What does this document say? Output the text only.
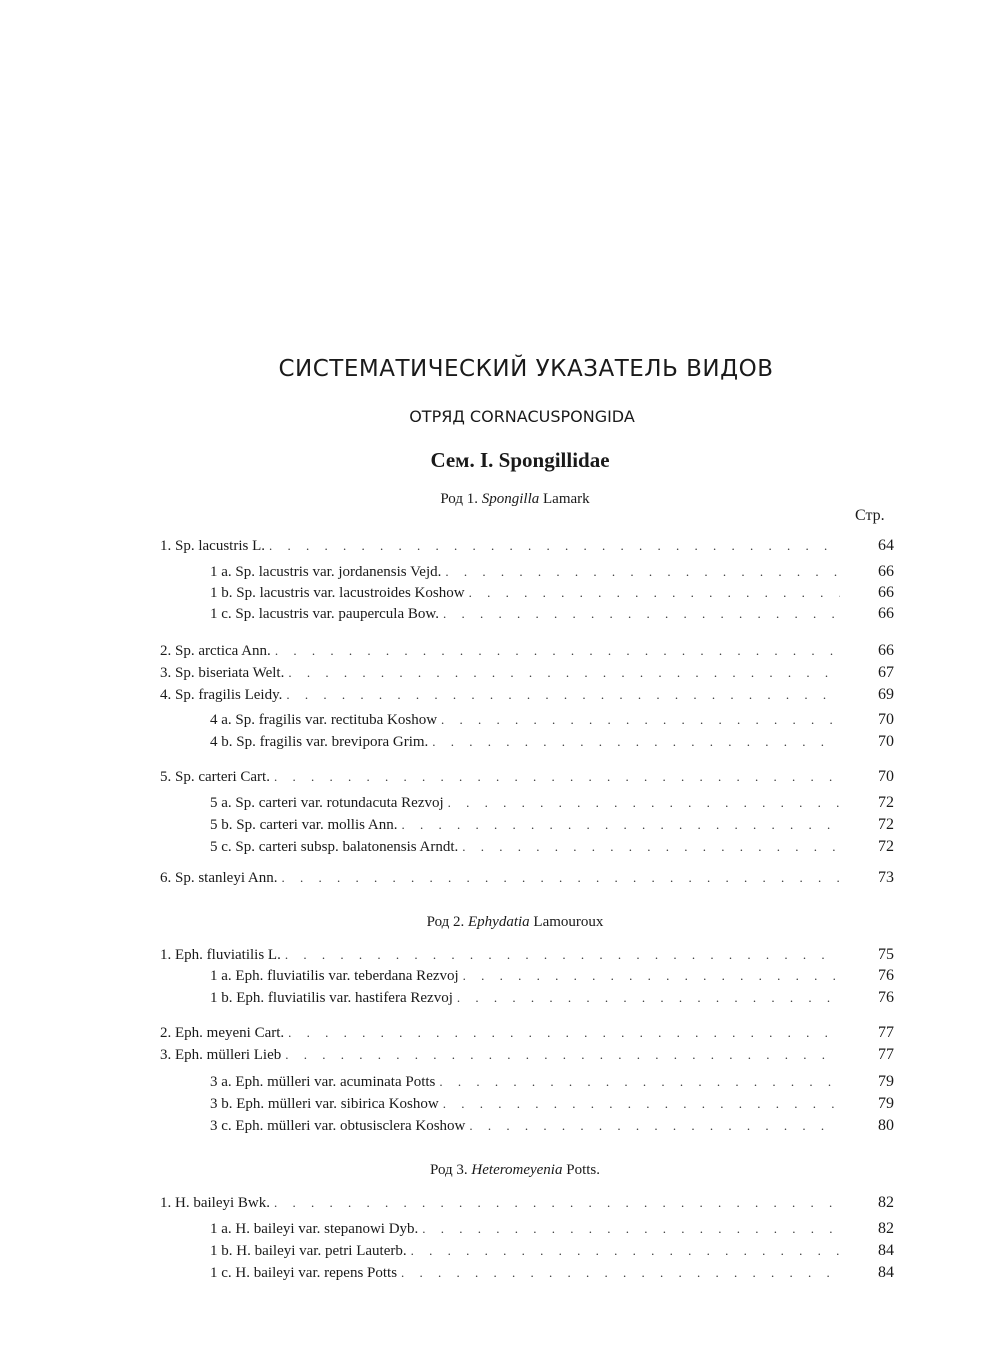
СИСТЕМАТИЧЕСКИЙ УКАЗАТЕЛЬ ВИДОВ
ОТРЯД CORNACUSPONGIDA
Сем. I. Spongillidae
Род 1. Spongilla Lamark
Стр.
1. Sp. lacustris L. . . .	64
1 a. Sp. lacustris var. jordanensis Vejd. . . .	66
1 b. Sp. lacustris var. lacustroides Koshow . . .	66
1 c. Sp. lacustris var. paupercula Bow. . . .	66
2. Sp. arctica Ann. . . .	66
3. Sp. biseriata Welt. . . .	67
4. Sp. fragilis Leidy. . . .	69
4 a. Sp. fragilis var. rectituba Koshow . . .	70
4 b. Sp. fragilis var. brevipora Grim. . . .	70
5. Sp. carteri Cart. . . .	70
5 a. Sp. carteri var. rotundacuta Rezvoj . . .	72
5 b. Sp. carteri var. mollis Ann. . . .	72
5 c. Sp. carteri subsp. balatonensis Arndt. . . .	72
6. Sp. stanleyi Ann. . . .	73
Род 2. Ephydatia Lamouroux
1. Eph. fluviatilis L. . . .	75
1 a. Eph. fluviatilis var. teberdana Rezvoj . . .	76
1 b. Eph. fluviatilis var. hastifera Rezvoj . . .	76
2. Eph. meyeni Cart. . . .	77
3. Eph. mülleri Lieb . . .	77
3 a. Eph. mülleri var. acuminata Potts . . .	79
3 b. Eph. mülleri var. sibirica Koshow . . .	79
3 c. Eph. mülleri var. obtusisclera Koshow . . .	80
Род 3. Heteromeyenia Potts.
1. H. baileyi Bwk. . . .	82
1 a. H. baileyi var. stepanowi Dyb. . . .	82
1 b. H. baileyi var. petri Lauterb. . . .	84
1 c. H. baileyi var. repens Potts . . .	84
